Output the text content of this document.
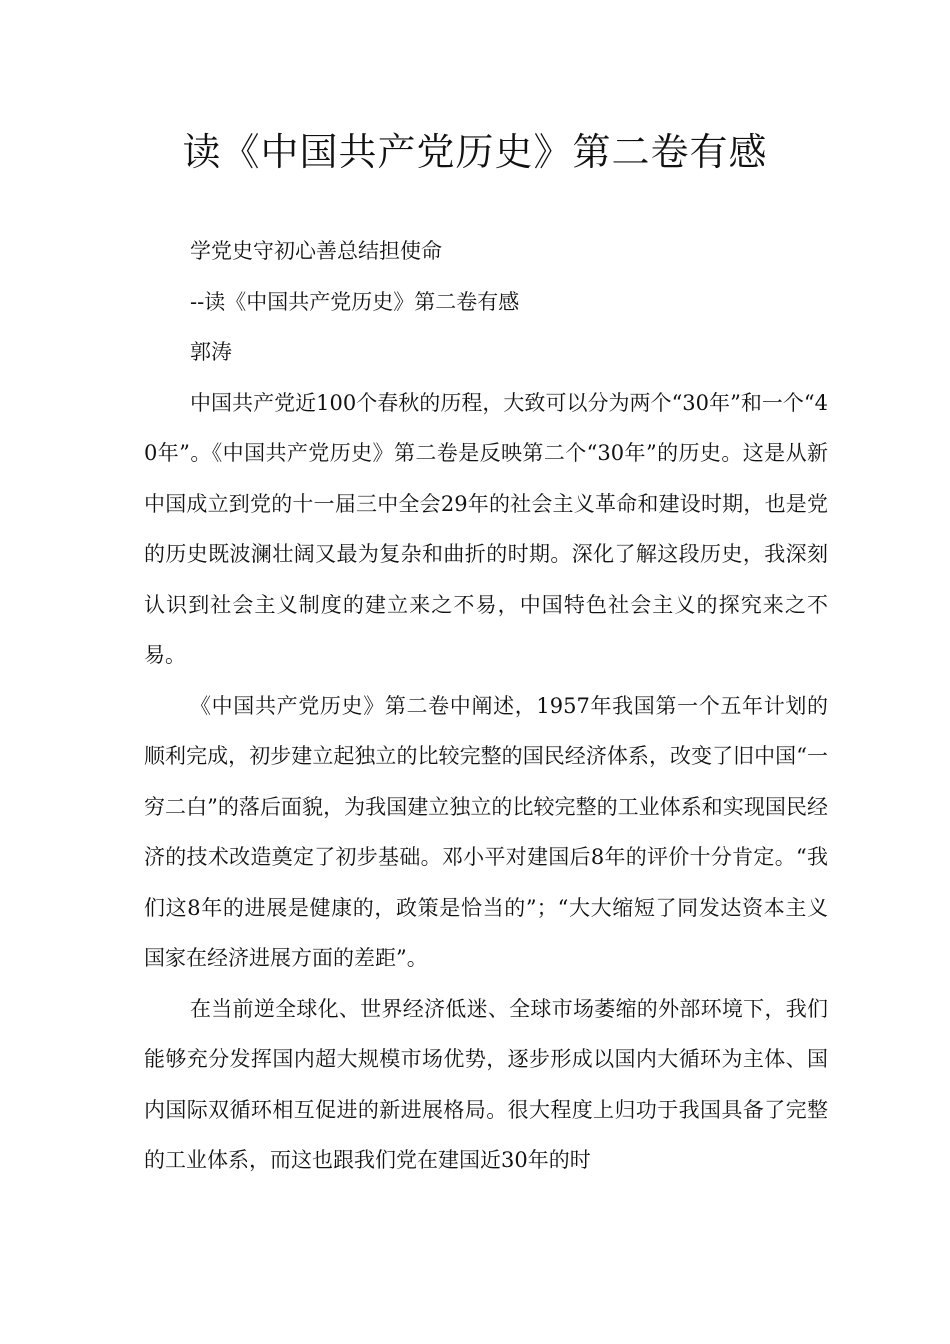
读《中国共产党历史》第二卷有感

学党史守初心善总结担使命

--读《中国共产党历史》第二卷有感

郭涛

中国共产党近100个春秋的历程，大致可以分为两个“30年”和一个“40年”。《中国共产党历史》第二卷是反映第二个“30年”的历史。这是从新中国成立到党的十一届三中全会29年的社会主义革命和建设时期，也是党的历史既波澜壮阔又最为复杂和曲折的时期。深化了解这段历史，我深刻认识到社会主义制度的建立来之不易，中国特色社会主义的探究来之不易。

《中国共产党历史》第二卷中阐述，1957年我国第一个五年计划的顺利完成，初步建立起独立的比较完整的国民经济体系，改变了旧中国“一穷二白”的落后面貌，为我国建立独立的比较完整的工业体系和实现国民经济的技术改造奠定了初步基础。邓小平对建国后8年的评价十分肯定。“我们这8年的进展是健康的，政策是恰当的”；“大大缩短了同发达资本主义国家在经济进展方面的差距”。

在当前逆全球化、世界经济低迷、全球市场萎缩的外部环境下，我们能够充分发挥国内超大规模市场优势，逐步形成以国内大循环为主体、国内国际双循环相互促进的新进展格局。很大程度上归功于我国具备了完整的工业体系，而这也跟我们党在建国近30年的时
